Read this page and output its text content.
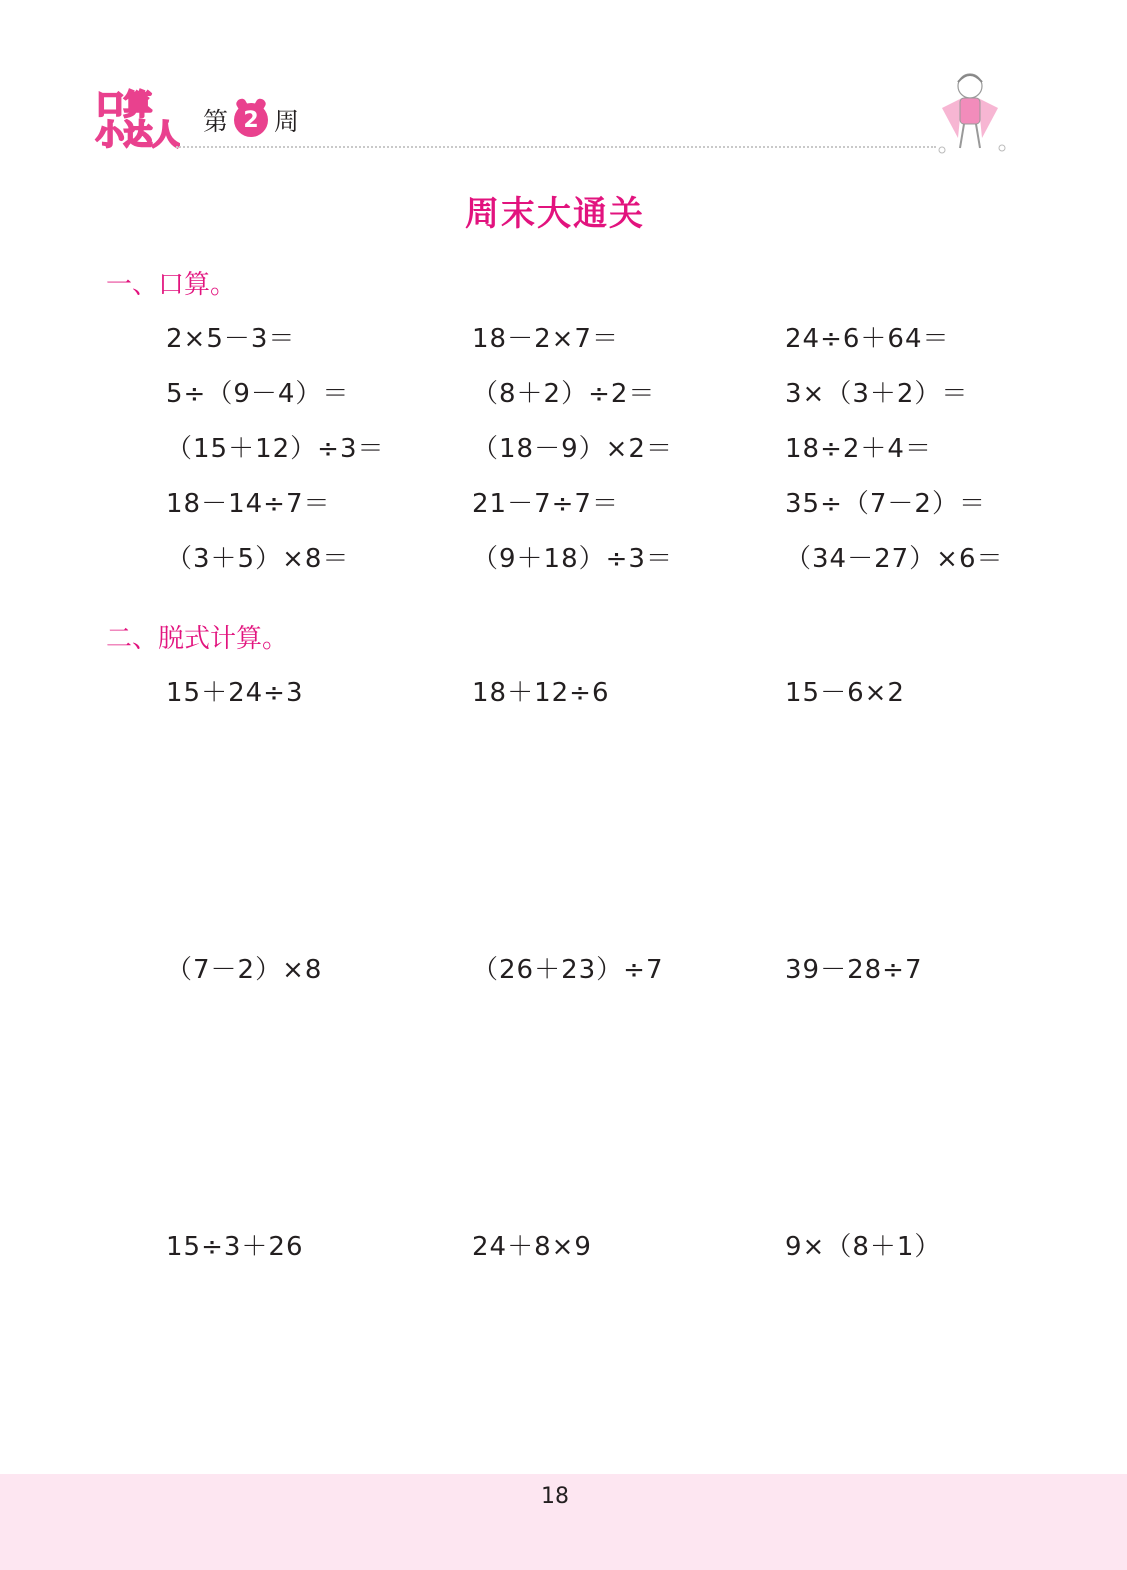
口算
小达人 第 2 周
周末大通关
一、口算。
2×5－3＝	18－2×7＝	24÷6＋64＝
5÷（9－4）＝	（8＋2）÷2＝	3×（3＋2）＝
（15＋12）÷3＝	（18－9）×2＝	18÷2＋4＝
18－14÷7＝	21－7÷7＝	35÷（7－2）＝
（3＋5）×8＝	（9＋18）÷3＝	（34－27）×6＝
二、脱式计算。
15＋24÷3	18＋12÷6	15－6×2
（7－2）×8	（26＋23）÷7	39－28÷7
15÷3＋26	24＋8×9	9×（8＋1）
18
